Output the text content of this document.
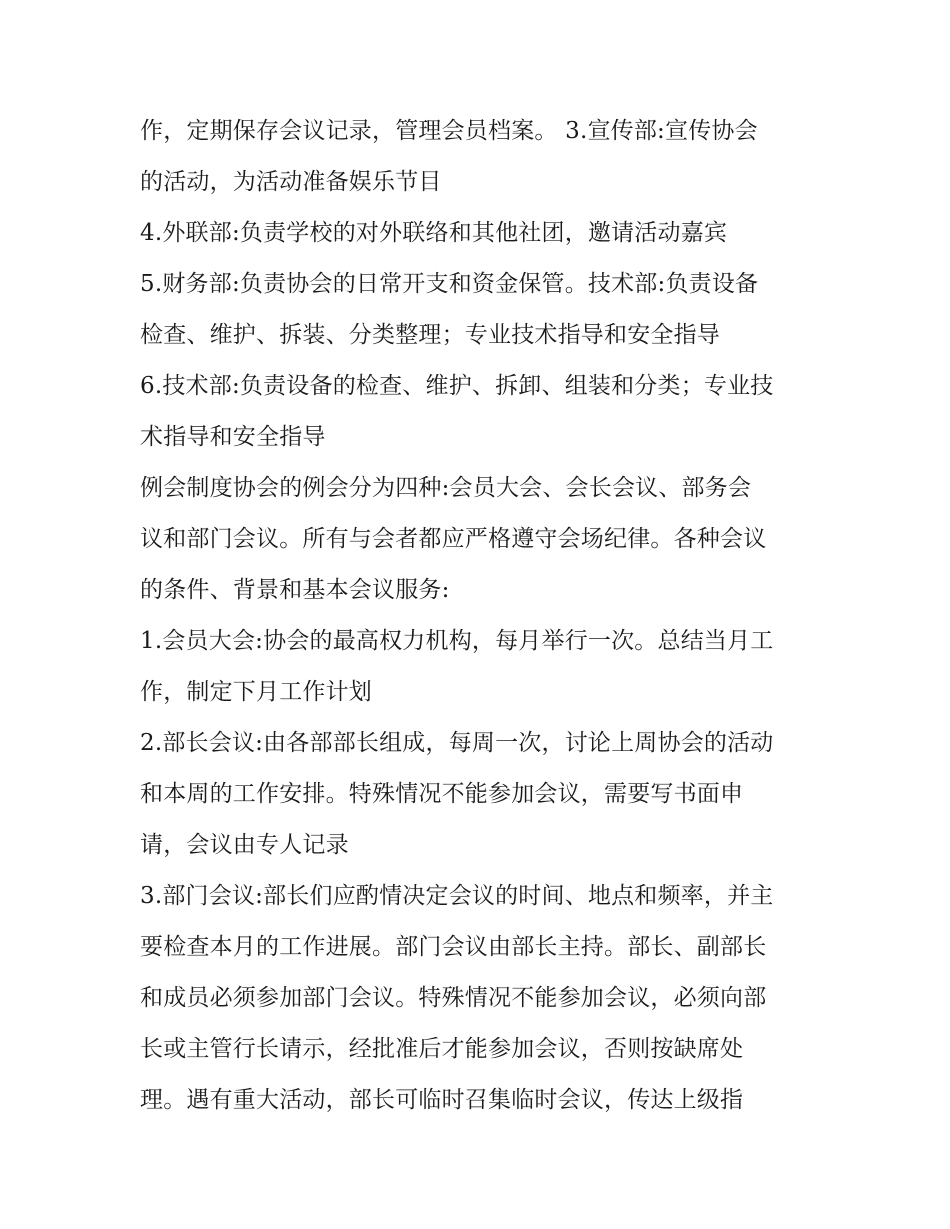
作，定期保存会议记录，管理会员档案。 3.宣传部:宣传协会
的活动，为活动准备娱乐节目
4.外联部:负责学校的对外联络和其他社团，邀请活动嘉宾
5.财务部:负责协会的日常开支和资金保管。技术部:负责设备
检查、维护、拆装、分类整理；专业技术指导和安全指导
6.技术部:负责设备的检查、维护、拆卸、组装和分类；专业技
术指导和安全指导
例会制度协会的例会分为四种:会员大会、会长会议、部务会
议和部门会议。所有与会者都应严格遵守会场纪律。各种会议
的条件、背景和基本会议服务:
1.会员大会:协会的最高权力机构，每月举行一次。总结当月工
作，制定下月工作计划
2.部长会议:由各部部长组成，每周一次，讨论上周协会的活动
和本周的工作安排。特殊情况不能参加会议，需要写书面申
请，会议由专人记录
3.部门会议:部长们应酌情决定会议的时间、地点和频率，并主
要检查本月的工作进展。部门会议由部长主持。部长、副部长
和成员必须参加部门会议。特殊情况不能参加会议，必须向部
长或主管行长请示，经批准后才能参加会议，否则按缺席处
理。遇有重大活动，部长可临时召集临时会议，传达上级指
